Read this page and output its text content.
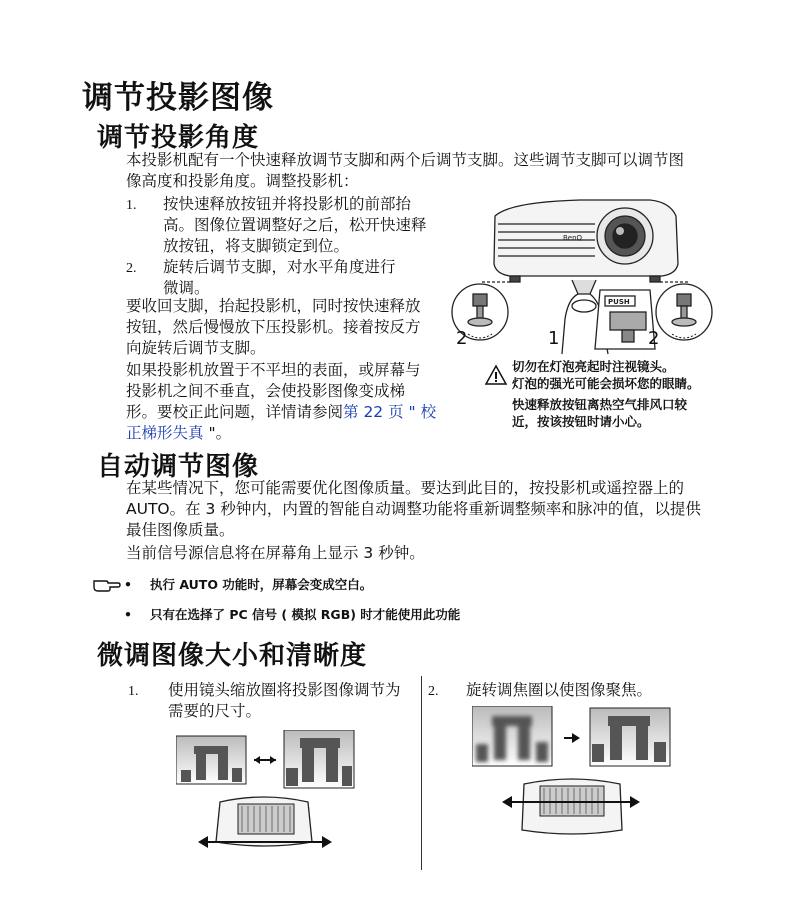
调节投影图像
调节投影角度
本投影机配有一个快速释放调节支脚和两个后调节支脚。这些调节支脚可以调节图
像高度和投影角度。调整投影机：
1. 按快速释放按钮并将投影机的前部抬
高。图像位置调整好之后，松开快速释
放按钮，将支脚锁定到位。
2. 旋转后调节支脚，对水平角度进行
微调。
要收回支脚，抬起投影机，同时按快速释放
按钮，然后慢慢放下压投影机。接着按反方
向旋转后调节支脚。
如果投影机放置于不平坦的表面，或屏幕与
投影机之间不垂直，会使投影图像变成梯
形。要校正此问题，详情请参阅第 22 页 " 校
正梯形失真 "。
BenQ
PUSH
2	1	2
切勿在灯泡亮起时注视镜头。
灯泡的强光可能会损坏您的眼睛。
快速释放按钮离热空气排风口较
近，按该按钮时请小心。
自动调节图像
在某些情况下，您可能需要优化图像质量。要达到此目的，按投影机或遥控器上的
AUTO。在 3 秒钟内，内置的智能自动调整功能将重新调整频率和脉冲的值，以提供
最佳图像质量。
当前信号源信息将在屏幕角上显示 3 秒钟。
• 执行 AUTO 功能时，屏幕会变成空白。
• 只有在选择了 PC 信号 ( 模拟 RGB) 时才能使用此功能
微调图像大小和清晰度
1. 使用镜头缩放圈将投影图像调节为
需要的尺寸。
2. 旋转调焦圈以使图像聚焦。
